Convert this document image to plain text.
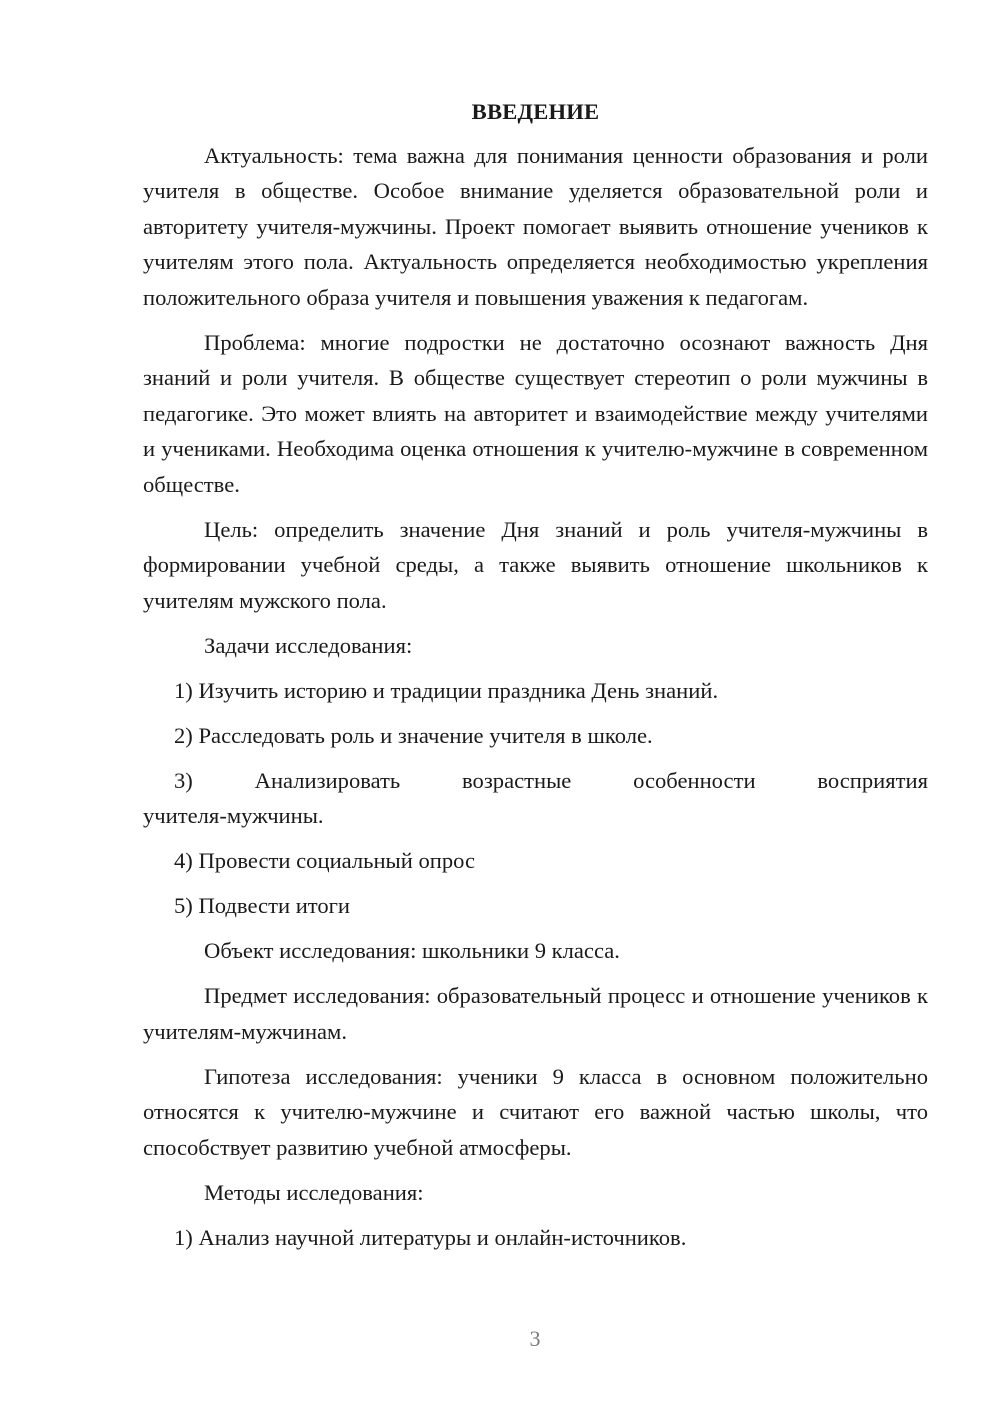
ВВЕДЕНИЕ

Актуальность: тема важна для понимания ценности образования и роли учителя в обществе. Особое внимание уделяется образовательной роли и авторитету учителя-мужчины. Проект помогает выявить отношение учеников к учителям этого пола. Актуальность определяется необходимостью укрепления положительного образа учителя и повышения уважения к педагогам.

Проблема: многие подростки не достаточно осознают важность Дня знаний и роли учителя. В обществе существует стереотип о роли мужчины в педагогике. Это может влиять на авторитет и взаимодействие между учителями и учениками. Необходима оценка отношения к учителю-мужчине в современном обществе.

Цель: определить значение Дня знаний и роль учителя-мужчины в формировании учебной среды, а также выявить отношение школьников к учителям мужского пола.

Задачи исследования:

1) Изучить историю и традиции праздника День знаний.

2) Расследовать роль и значение учителя в школе.

3)	Анализировать	возрастные	особенности	восприятия

учителя-мужчины.

4) Провести социальный опрос

5) Подвести итоги

Объект исследования: школьники 9 класса.

Предмет исследования: образовательный процесс и отношение учеников к учителям-мужчинам.

Гипотеза исследования: ученики 9 класса в основном положительно относятся к учителю-мужчине и считают его важной частью школы, что способствует развитию учебной атмосферы.

Методы исследования:

1) Анализ научной литературы и онлайн-источников.

3
